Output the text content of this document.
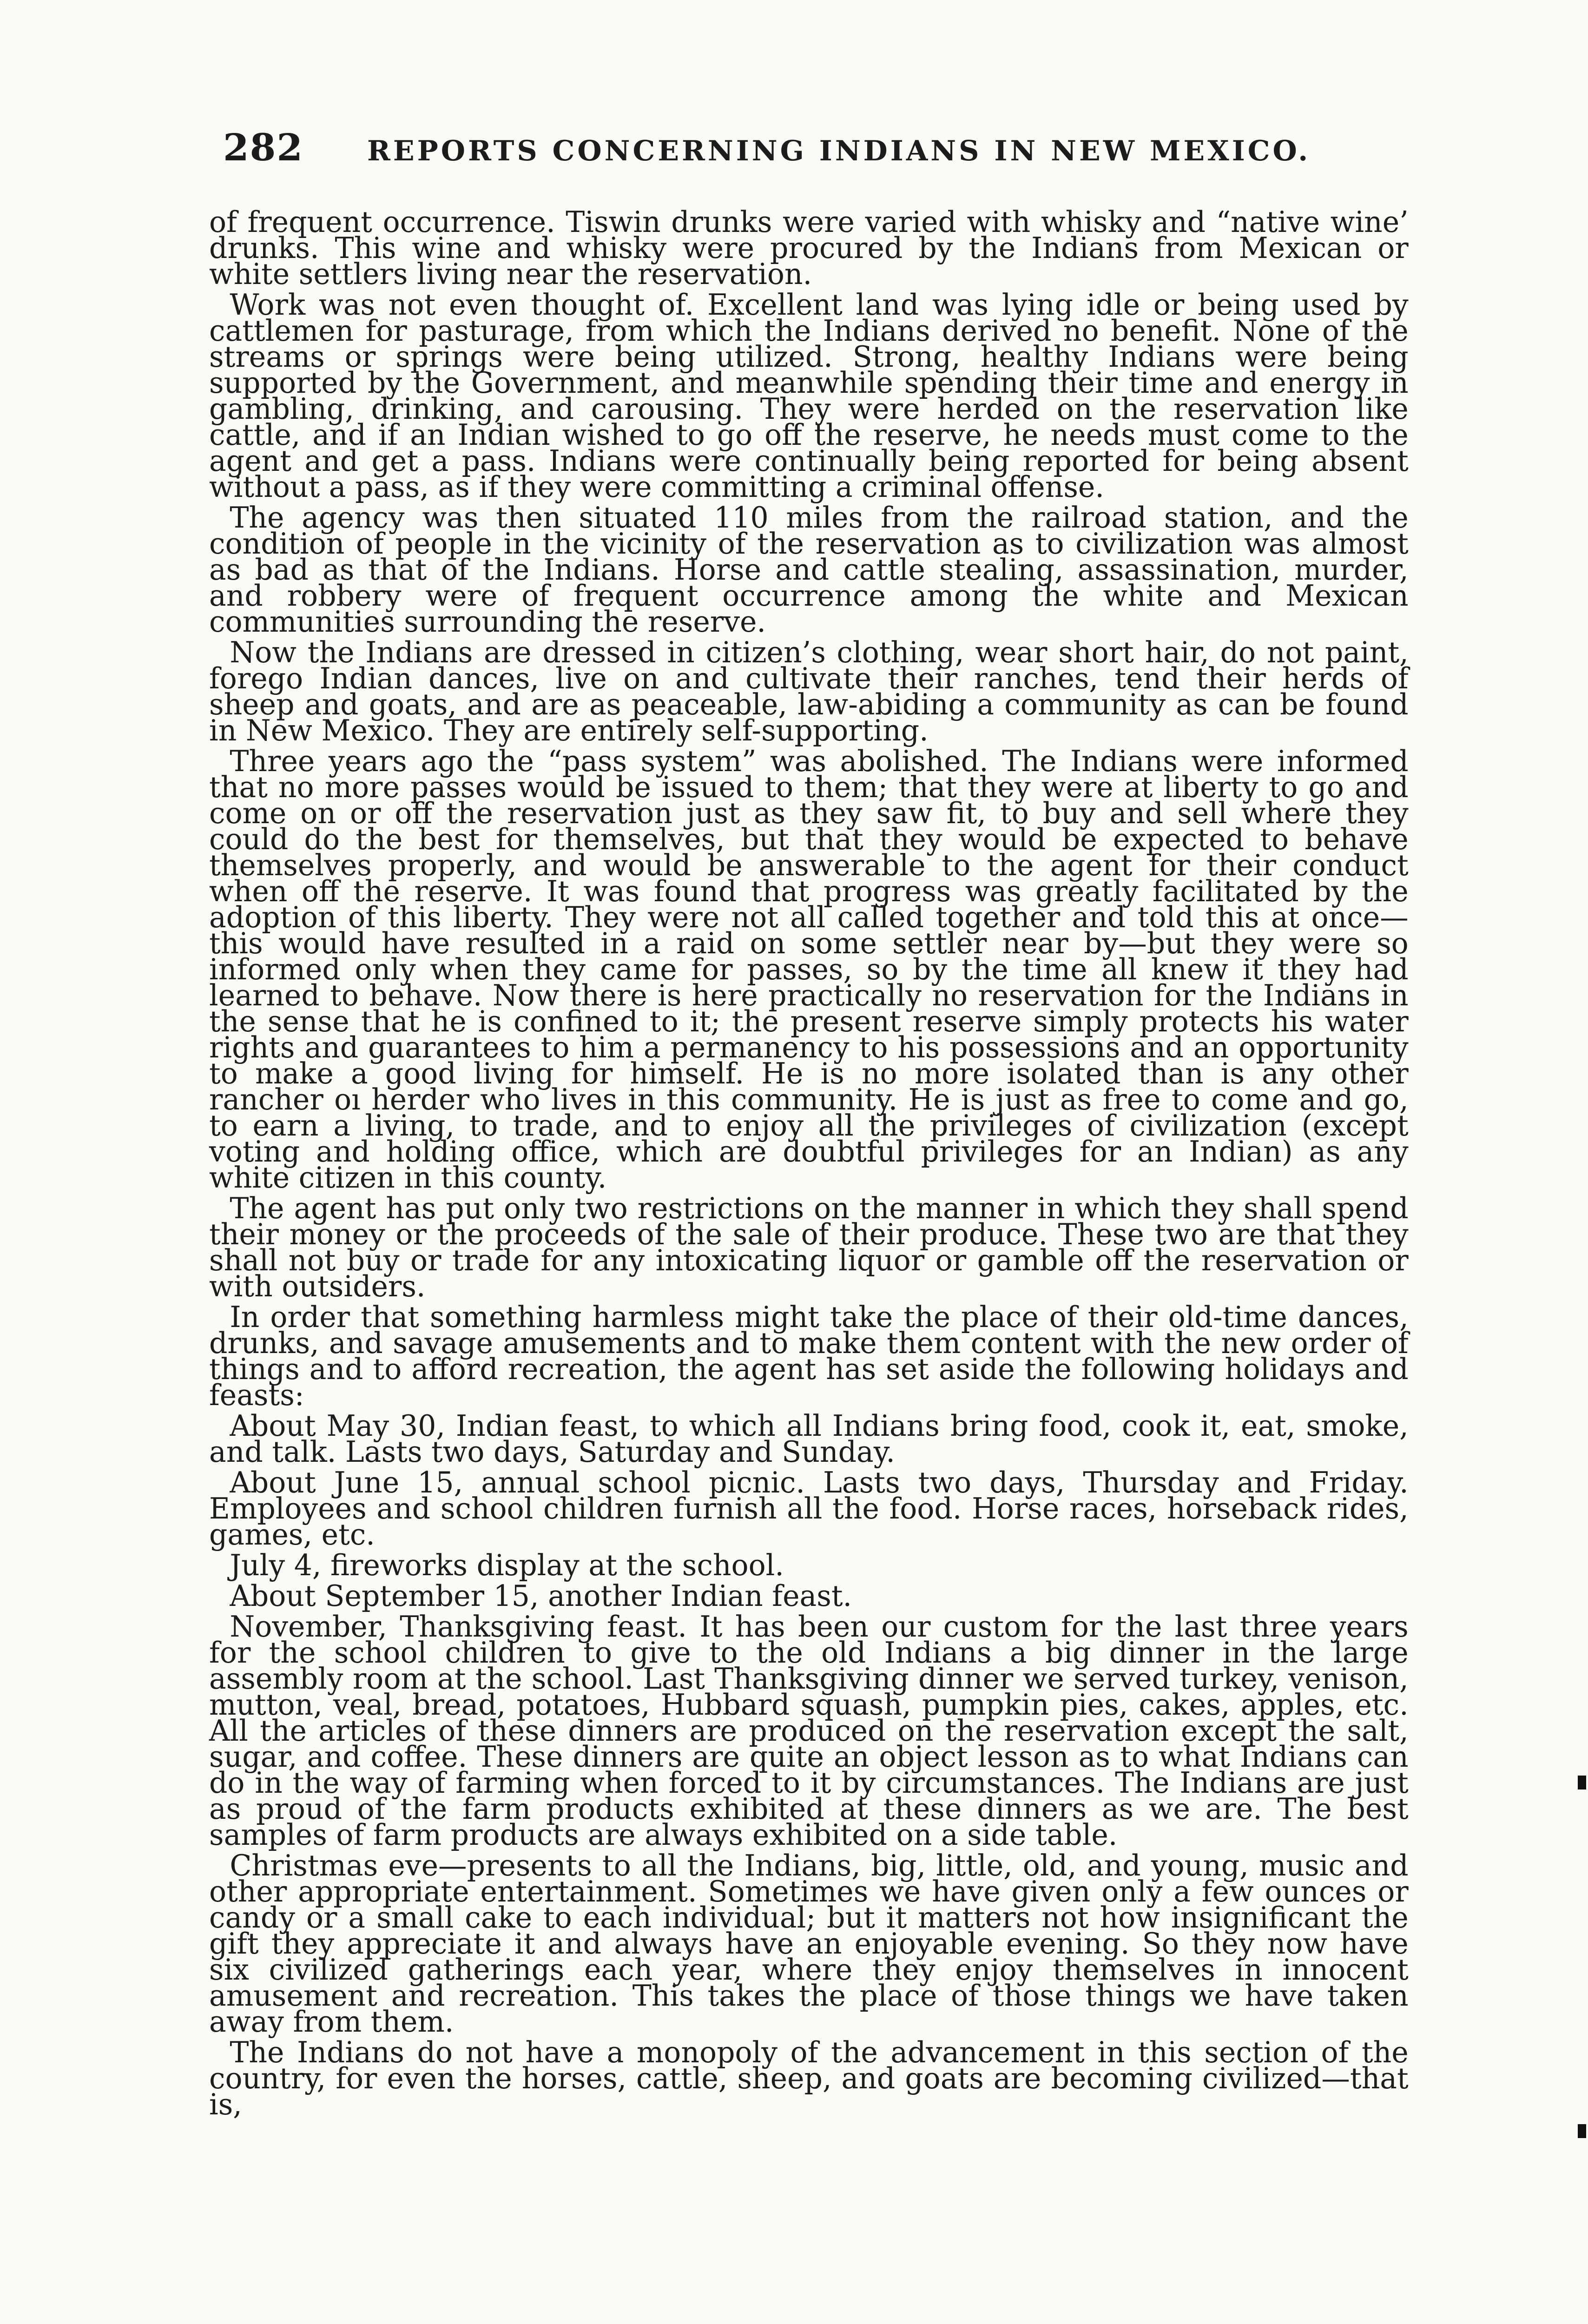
282 REPORTS CONCERNING INDIANS IN NEW MEXICO.

of frequent occurrence. Tiswin drunks were varied with whisky and “native wine’ drunks. This wine and whisky were procured by the Indians from Mexican or white settlers living near the reservation.

Work was not even thought of. Excellent land was lying idle or being used by cattlemen for pasturage, from which the Indians derived no benefit. None of the streams or springs were being utilized. Strong, healthy Indians were being supported by the Government, and meanwhile spending their time and energy in gambling, drinking, and carousing. They were herded on the reservation like cattle, and if an Indian wished to go off the reserve, he needs must come to the agent and get a pass. Indians were continually being reported for being absent without a pass, as if they were committing a criminal offense.

The agency was then situated 110 miles from the railroad station, and the condition of people in the vicinity of the reservation as to civilization was almost as bad as that of the Indians. Horse and cattle stealing, assassination, murder, and robbery were of frequent occurrence among the white and Mexican communities surrounding the reserve.

Now the Indians are dressed in citizen’s clothing, wear short hair, do not paint, forego Indian dances, live on and cultivate their ranches, tend their herds of sheep and goats, and are as peaceable, law-abiding a community as can be found in New Mexico. They are entirely self-supporting.

Three years ago the “pass system” was abolished. The Indians were informed that no more passes would be issued to them; that they were at liberty to go and come on or off the reservation just as they saw fit, to buy and sell where they could do the best for themselves, but that they would be expected to behave themselves properly, and would be answerable to the agent for their conduct when off the reserve. It was found that progress was greatly facilitated by the adoption of this liberty. They were not all called together and told this at once—this would have resulted in a raid on some settler near by—but they were so informed only when they came for passes, so by the time all knew it they had learned to behave. Now there is here practically no reservation for the Indians in the sense that he is confined to it; the present reserve simply protects his water rights and guarantees to him a permanency to his possessions and an opportunity to make a good living for himself. He is no more isolated than is any other rancher oı herder who lives in this community. He is just as free to come and go, to earn a living, to trade, and to enjoy all the privileges of civilization (except voting and holding office, which are doubtful privileges for an Indian) as any white citizen in this county.

The agent has put only two restrictions on the manner in which they shall spend their money or the proceeds of the sale of their produce. These two are that they shall not buy or trade for any intoxicating liquor or gamble off the reservation or with outsiders.

In order that something harmless might take the place of their old-time dances, drunks, and savage amusements and to make them content with the new order of things and to afford recreation, the agent has set aside the following holidays and feasts:

About May 30, Indian feast, to which all Indians bring food, cook it, eat, smoke, and talk. Lasts two days, Saturday and Sunday.

About June 15, annual school picnic. Lasts two days, Thursday and Friday. Employees and school children furnish all the food. Horse races, horseback rides, games, etc.

July 4, fireworks display at the school.

About September 15, another Indian feast.

November, Thanksgiving feast. It has been our custom for the last three years for the school children to give to the old Indians a big dinner in the large assembly room at the school. Last Thanksgiving dinner we served turkey, venison, mutton, veal, bread, potatoes, Hubbard squash, pumpkin pies, cakes, apples, etc. All the articles of these dinners are produced on the reservation except the salt, sugar, and coffee. These dinners are quite an object lesson as to what Indians can do in the way of farming when forced to it by circumstances. The Indians are just as proud of the farm products exhibited at these dinners as we are. The best samples of farm products are always exhibited on a side table.

Christmas eve—presents to all the Indians, big, little, old, and young, music and other appropriate entertainment. Sometimes we have given only a few ounces or candy or a small cake to each individual; but it matters not how insignificant the gift they appreciate it and always have an enjoyable evening. So they now have six civilized gatherings each year, where they enjoy themselves in innocent amusement and recreation. This takes the place of those things we have taken away from them.

The Indians do not have a monopoly of the advancement in this section of the country, for even the horses, cattle, sheep, and goats are becoming civilized—that is,
